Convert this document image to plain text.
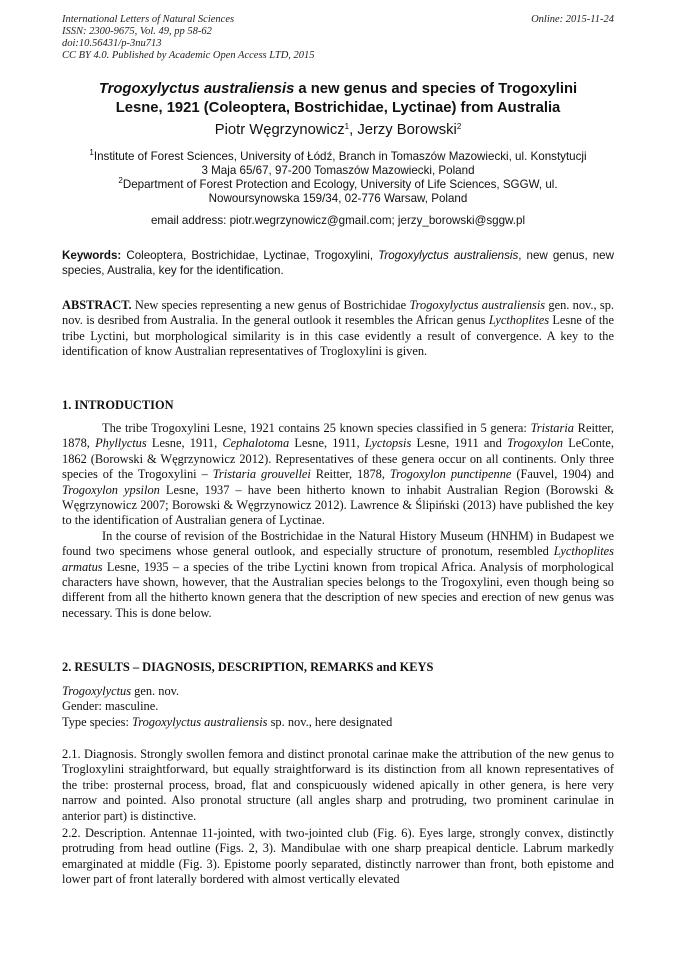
International Letters of Natural Sciences
ISSN: 2300-9675, Vol. 49, pp 58-62
doi:10.56431/p-3nu713
CC BY 4.0. Published by Academic Open Access LTD, 2015
Online: 2015-11-24
Trogoxylyctus australiensis a new genus and species of Trogoxylini
Lesne, 1921 (Coleoptera, Bostrichidae, Lyctinae) from Australia
Piotr Węgrzynowicz$^1$, Jerzy Borowski$^2$
$^1$Institute of Forest Sciences, University of Łódź, Branch in Tomaszów Mazowiecki, ul. Konstytucji
3 Maja 65/67, 97-200 Tomaszów Mazowiecki, Poland
$^2$Department of Forest Protection and Ecology, University of Life Sciences, SGGW, ul.
Nowoursynowska 159/34, 02-776 Warsaw, Poland
email address: piotr.wegrzynowicz@gmail.com; jerzy_borowski@sggw.pl
Keywords: Coleoptera, Bostrichidae, Lyctinae, Trogoxylini, Trogoxylyctus australiensis, new genus, new species, Australia, key for the identification.
ABSTRACT. New species representing a new genus of Bostrichidae Trogoxylyctus australiensis gen. nov., sp. nov. is desribed from Australia. In the general outlook it resembles the African genus Lycthoplites Lesne of the tribe Lyctini, but morphological similarity is in this case evidently a result of convergence. A key to the identification of know Australian representatives of Trogloxylini is given.
1. INTRODUCTION

The tribe Trogoxylini Lesne, 1921 contains 25 known species classified in 5 genera: Tristaria Reitter, 1878, Phyllyctus Lesne, 1911, Cephalotoma Lesne, 1911, Lyctopsis Lesne, 1911 and Trogoxylon LeConte, 1862 (Borowski & Węgrzynowicz 2012). Representatives of these genera occur on all continents. Only three species of the Trogoxylini – Tristaria grouvellei Reitter, 1878, Trogoxylon punctipenne (Fauvel, 1904) and Trogoxylon ypsilon Lesne, 1937 – have been hitherto known to inhabit Australian Region (Borowski & Węgrzynowicz 2007; Borowski & Węgrzynowicz 2012). Lawrence & Ślipiński (2013) have published the key to the identification of Australian genera of Lyctinae.

In the course of revision of the Bostrichidae in the Natural History Museum (HNHM) in Budapest we found two specimens whose general outlook, and especially structure of pronotum, resembled Lycthoplites armatus Lesne, 1935 – a species of the tribe Lyctini known from tropical Africa. Analysis of morphological characters have shown, however, that the Australian species belongs to the Trogoxylini, even though being so different from all the hitherto known genera that the description of new species and erection of new genus was necessary. This is done below.

2. RESULTS – DIAGNOSIS, DESCRIPTION, REMARKS and KEYS
Trogoxylyctus gen. nov.
Gender: masculine.
Type species: Trogoxylyctus australiensis sp. nov., here designated
2.1. Diagnosis. Strongly swollen femora and distinct pronotal carinae make the attribution of the new genus to Trogloxylini straightforward, but equally straightforward is its distinction from all known representatives of the tribe: prosternal process, broad, flat and conspicuously widened apically in other genera, is here very narrow and pointed. Also pronotal structure (all angles sharp and protruding, two prominent carinulae in anterior part) is distinctive.
2.2. Description. Antennae 11-jointed, with two-jointed club (Fig. 6). Eyes large, strongly convex, distinctly protruding from head outline (Figs. 2, 3). Mandibulae with one sharp preapical denticle. Labrum markedly emarginated at middle (Fig. 3). Epistome poorly separated, distinctly narrower than front, both epistome and lower part of front laterally bordered with almost vertically elevated
